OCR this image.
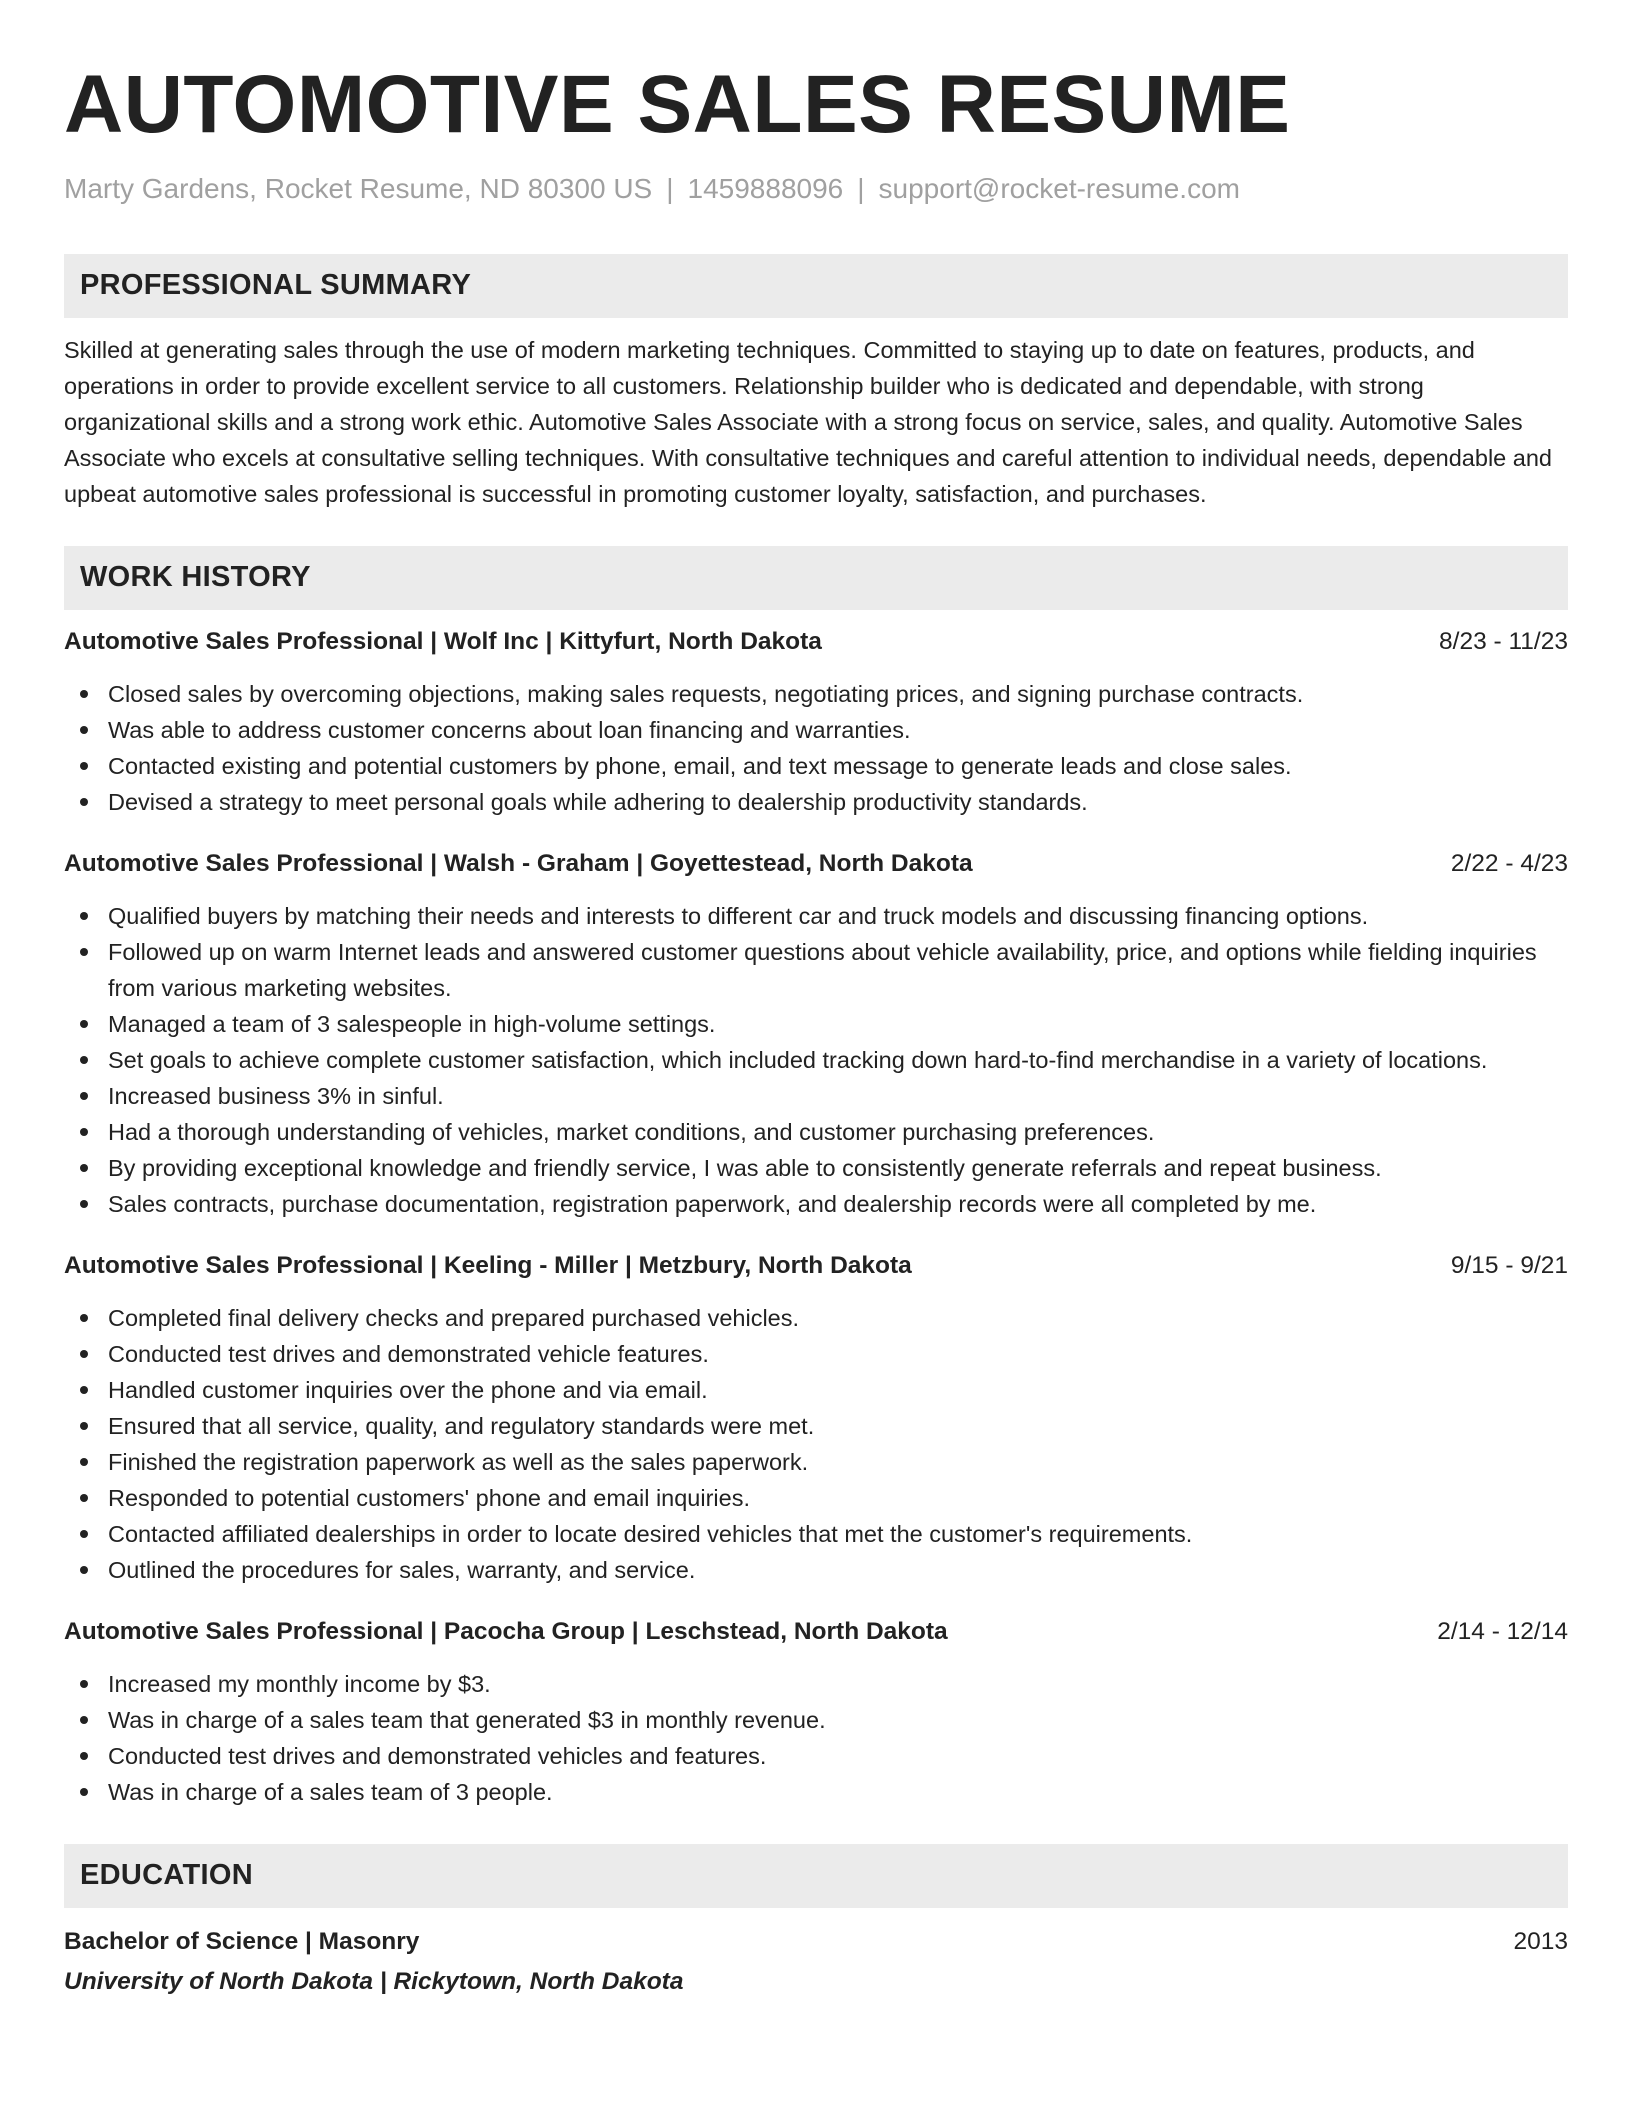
AUTOMOTIVE SALES RESUME
Marty Gardens, Rocket Resume, ND 80300 US | 1459888096 | support@rocket-resume.com
PROFESSIONAL SUMMARY
Skilled at generating sales through the use of modern marketing techniques. Committed to staying up to date on features, products, and operations in order to provide excellent service to all customers. Relationship builder who is dedicated and dependable, with strong organizational skills and a strong work ethic. Automotive Sales Associate with a strong focus on service, sales, and quality. Automotive Sales Associate who excels at consultative selling techniques. With consultative techniques and careful attention to individual needs, dependable and upbeat automotive sales professional is successful in promoting customer loyalty, satisfaction, and purchases.
WORK HISTORY
Automotive Sales Professional | Wolf Inc | Kittyfurt, North Dakota	8/23 - 11/23
Closed sales by overcoming objections, making sales requests, negotiating prices, and signing purchase contracts.
Was able to address customer concerns about loan financing and warranties.
Contacted existing and potential customers by phone, email, and text message to generate leads and close sales.
Devised a strategy to meet personal goals while adhering to dealership productivity standards.
Automotive Sales Professional | Walsh - Graham | Goyettestead, North Dakota	2/22 - 4/23
Qualified buyers by matching their needs and interests to different car and truck models and discussing financing options.
Followed up on warm Internet leads and answered customer questions about vehicle availability, price, and options while fielding inquiries from various marketing websites.
Managed a team of 3 salespeople in high-volume settings.
Set goals to achieve complete customer satisfaction, which included tracking down hard-to-find merchandise in a variety of locations.
Increased business 3% in sinful.
Had a thorough understanding of vehicles, market conditions, and customer purchasing preferences.
By providing exceptional knowledge and friendly service, I was able to consistently generate referrals and repeat business.
Sales contracts, purchase documentation, registration paperwork, and dealership records were all completed by me.
Automotive Sales Professional | Keeling - Miller | Metzbury, North Dakota	9/15 - 9/21
Completed final delivery checks and prepared purchased vehicles.
Conducted test drives and demonstrated vehicle features.
Handled customer inquiries over the phone and via email.
Ensured that all service, quality, and regulatory standards were met.
Finished the registration paperwork as well as the sales paperwork.
Responded to potential customers' phone and email inquiries.
Contacted affiliated dealerships in order to locate desired vehicles that met the customer's requirements.
Outlined the procedures for sales, warranty, and service.
Automotive Sales Professional | Pacocha Group | Leschstead, North Dakota	2/14 - 12/14
Increased my monthly income by $3.
Was in charge of a sales team that generated $3 in monthly revenue.
Conducted test drives and demonstrated vehicles and features.
Was in charge of a sales team of 3 people.
EDUCATION
Bachelor of Science | Masonry	2013
University of North Dakota | Rickytown, North Dakota
